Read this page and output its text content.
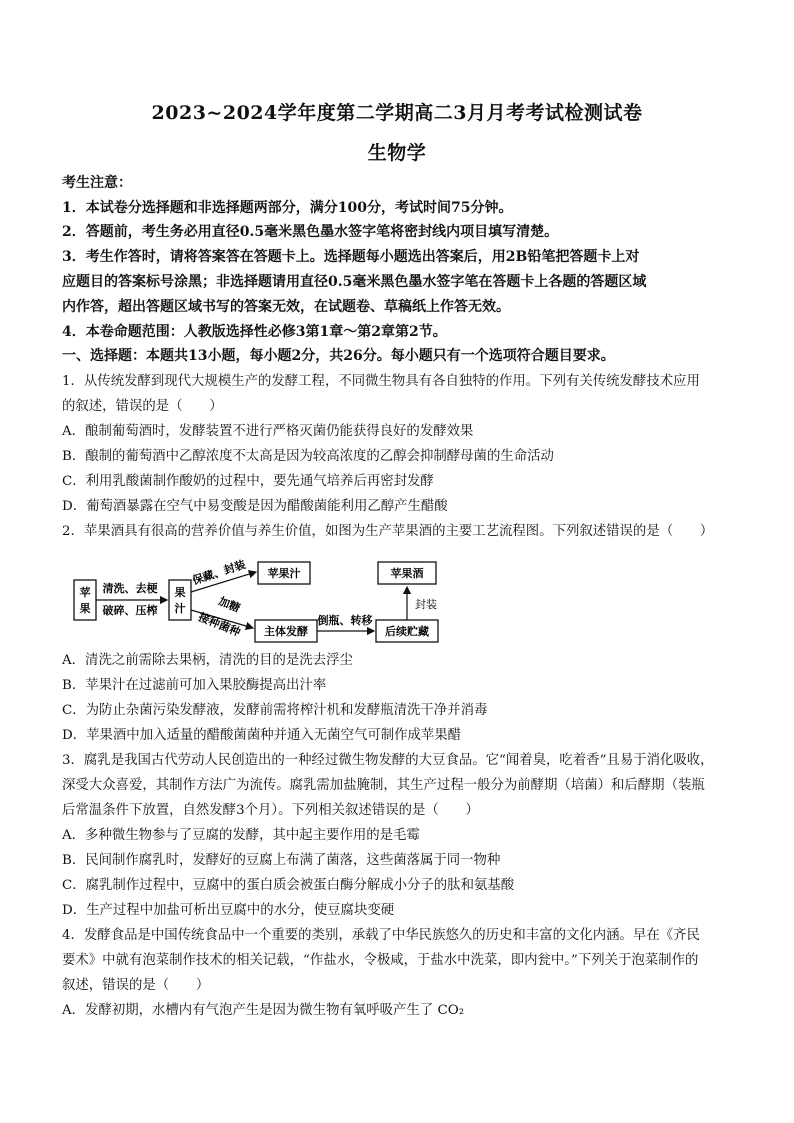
2023~2024学年度第二学期高二3月月考考试检测试卷
生物学
考生注意：
1．本试卷分选择题和非选择题两部分，满分100分，考试时间75分钟。
2．答题前，考生务必用直径0.5毫米黑色墨水签字笔将密封线内项目填写清楚。
3．考生作答时，请将答案答在答题卡上。选择题每小题选出答案后，用2B铅笔把答题卡上对
应题目的答案标号涂黑；非选择题请用直径0.5毫米黑色墨水签字笔在答题卡上各题的答题区域
内作答，超出答题区域书写的答案无效，在试题卷、草稿纸上作答无效。
4．本卷命题范围：人教版选择性必修3第1章～第2章第2节。
一、选择题：本题共13小题，每小题2分，共26分。每小题只有一个选项符合题目要求。
1．从传统发酵到现代大规模生产的发酵工程，不同微生物具有各自独特的作用。下列有关传统发酵技术应用
的叙述，错误的是（　　）
A．酿制葡萄酒时，发酵装置不进行严格灭菌仍能获得良好的发酵效果
B．酿制的葡萄酒中乙醇浓度不太高是因为较高浓度的乙醇会抑制酵母菌的生命活动
C．利用乳酸菌制作酸奶的过程中，要先通气培养后再密封发酵
D．葡萄酒暴露在空气中易变酸是因为醋酸菌能利用乙醇产生醋酸
2．苹果酒具有很高的营养价值与养生价值，如图为生产苹果酒的主要工艺流程图。下列叙述错误的是（　　）
苹
果
清洗、去梗
破碎、压榨
果
汁
保藏、封装 苹果汁
加糖
接种菌种 主体发酵
倒瓶、转移
后续贮藏
封装
苹果酒
A．清洗之前需除去果柄，清洗的目的是洗去浮尘
B．苹果汁在过滤前可加入果胶酶提高出汁率
C．为防止杂菌污染发酵液，发酵前需将榨汁机和发酵瓶清洗干净并消毒
D．苹果酒中加入适量的醋酸菌菌种并通入无菌空气可制作成苹果醋
3．腐乳是我国古代劳动人民创造出的一种经过微生物发酵的大豆食品。它“闻着臭，吃着香”且易于消化吸收，
深受大众喜爱，其制作方法广为流传。腐乳需加盐腌制，其生产过程一般分为前酵期（培菌）和后酵期（装瓶
后常温条件下放置，自然发酵3个月）。下列相关叙述错误的是（　　）
A．多种微生物参与了豆腐的发酵，其中起主要作用的是毛霉
B．民间制作腐乳时，发酵好的豆腐上布满了菌落，这些菌落属于同一物种
C．腐乳制作过程中，豆腐中的蛋白质会被蛋白酶分解成小分子的肽和氨基酸
D．生产过程中加盐可析出豆腐中的水分，使豆腐块变硬
4．发酵食品是中国传统食品中一个重要的类别，承载了中华民族悠久的历史和丰富的文化内涵。早在《齐民
要术》中就有泡菜制作技术的相关记载，“作盐水，令极咸，于盐水中洗菜，即内瓮中。”下列关于泡菜制作的
叙述，错误的是（　　）
A．发酵初期，水槽内有气泡产生是因为微生物有氧呼吸产生了 CO₂
